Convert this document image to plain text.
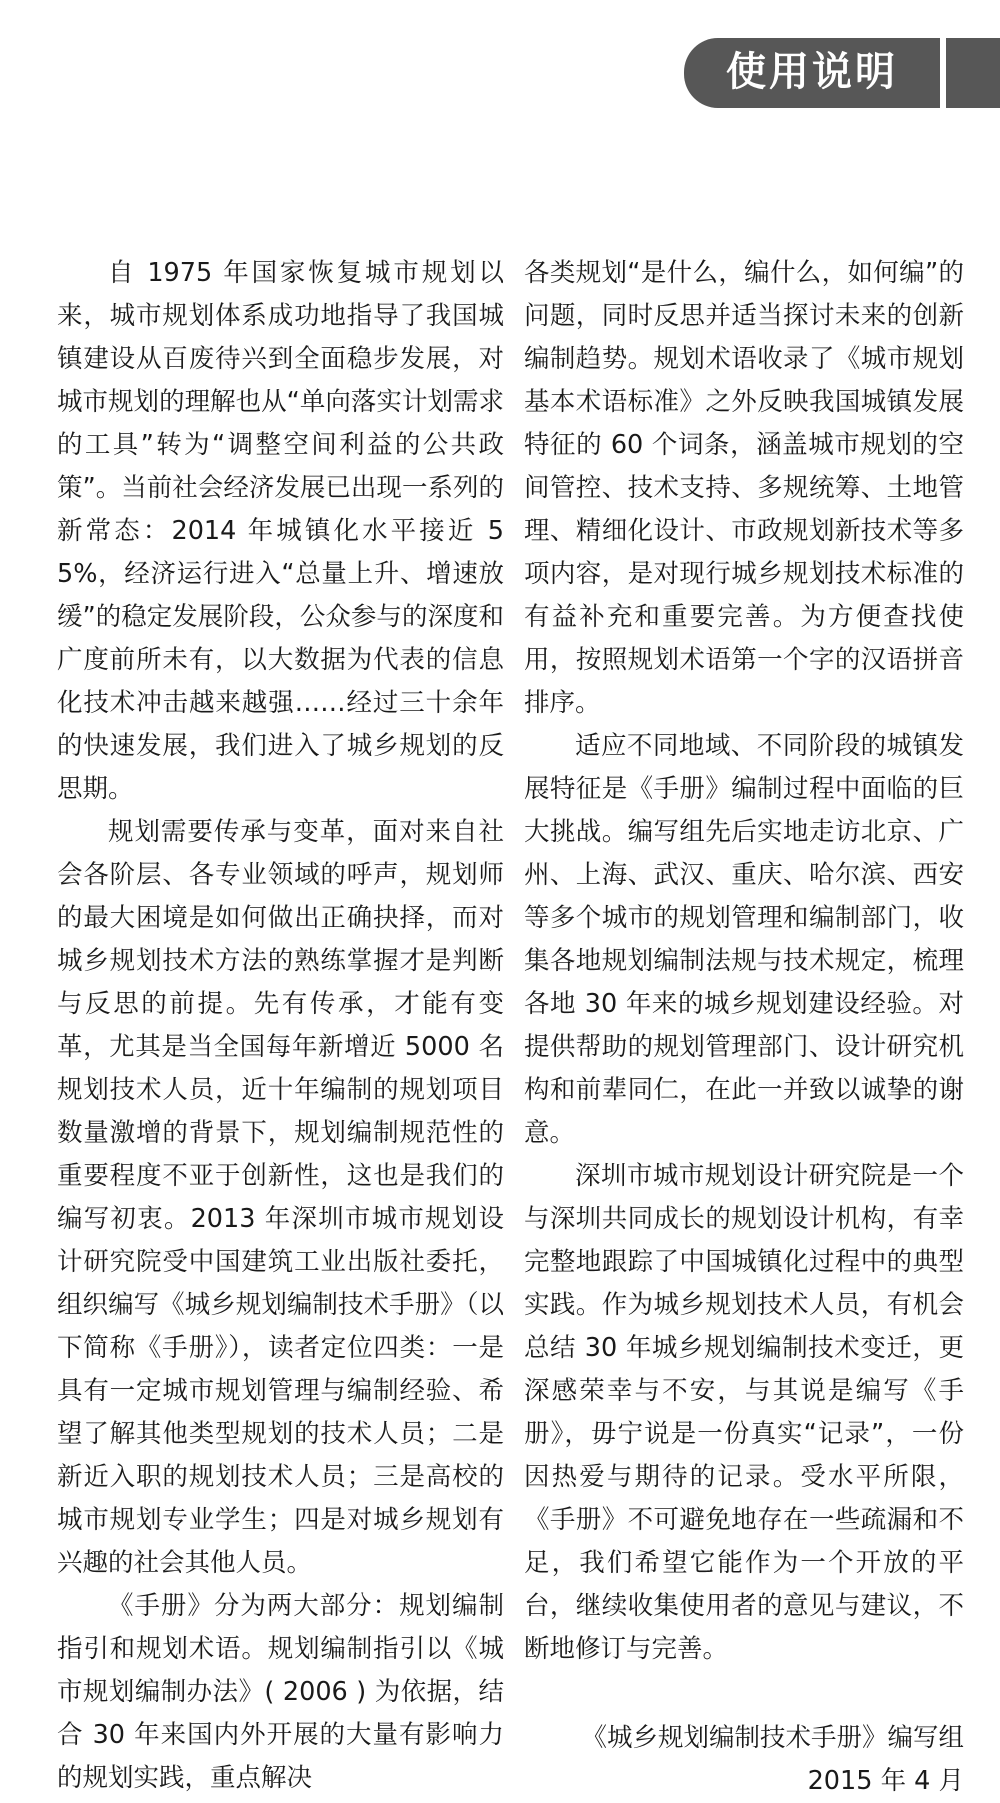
使用说明

自 1975 年国家恢复城市规划以来，城市规划体系成功地指导了我国城镇建设从百废待兴到全面稳步发展，对城市规划的理解也从“单向落实计划需求的工具”转为“调整空间利益的公共政策”。当前社会经济发展已出现一系列的新常态：2014 年城镇化水平接近 55%，经济运行进入“总量上升、增速放缓”的稳定发展阶段，公众参与的深度和广度前所未有，以大数据为代表的信息化技术冲击越来越强……经过三十余年的快速发展，我们进入了城乡规划的反思期。

规划需要传承与变革，面对来自社会各阶层、各专业领域的呼声，规划师的最大困境是如何做出正确抉择，而对城乡规划技术方法的熟练掌握才是判断与反思的前提。先有传承，才能有变革，尤其是当全国每年新增近 5000 名规划技术人员，近十年编制的规划项目数量激增的背景下，规划编制规范性的重要程度不亚于创新性，这也是我们的编写初衷。2013 年深圳市城市规划设计研究院受中国建筑工业出版社委托，组织编写《城乡规划编制技术手册》（以下简称《手册》），读者定位四类：一是具有一定城市规划管理与编制经验、希望了解其他类型规划的技术人员；二是新近入职的规划技术人员；三是高校的城市规划专业学生；四是对城乡规划有兴趣的社会其他人员。

《手册》分为两大部分：规划编制指引和规划术语。规划编制指引以《城市规划编制办法》( 2006 ) 为依据，结合 30 年来国内外开展的大量有影响力的规划实践，重点解决

各类规划“是什么，编什么，如何编”的问题，同时反思并适当探讨未来的创新编制趋势。规划术语收录了《城市规划基本术语标准》之外反映我国城镇发展特征的 60 个词条，涵盖城市规划的空间管控、技术支持、多规统筹、土地管理、精细化设计、市政规划新技术等多项内容，是对现行城乡规划技术标准的有益补充和重要完善。为方便查找使用，按照规划术语第一个字的汉语拼音排序。

适应不同地域、不同阶段的城镇发展特征是《手册》编制过程中面临的巨大挑战。编写组先后实地走访北京、广州、上海、武汉、重庆、哈尔滨、西安等多个城市的规划管理和编制部门，收集各地规划编制法规与技术规定，梳理各地 30 年来的城乡规划建设经验。对提供帮助的规划管理部门、设计研究机构和前辈同仁，在此一并致以诚挚的谢意。

深圳市城市规划设计研究院是一个与深圳共同成长的规划设计机构，有幸完整地跟踪了中国城镇化过程中的典型实践。作为城乡规划技术人员，有机会总结 30 年城乡规划编制技术变迁，更深感荣幸与不安，与其说是编写《手册》，毋宁说是一份真实“记录”，一份因热爱与期待的记录。受水平所限，《手册》不可避免地存在一些疏漏和不足，我们希望它能作为一个开放的平台，继续收集使用者的意见与建议，不断地修订与完善。

《城乡规划编制技术手册》编写组
2015 年 4 月
